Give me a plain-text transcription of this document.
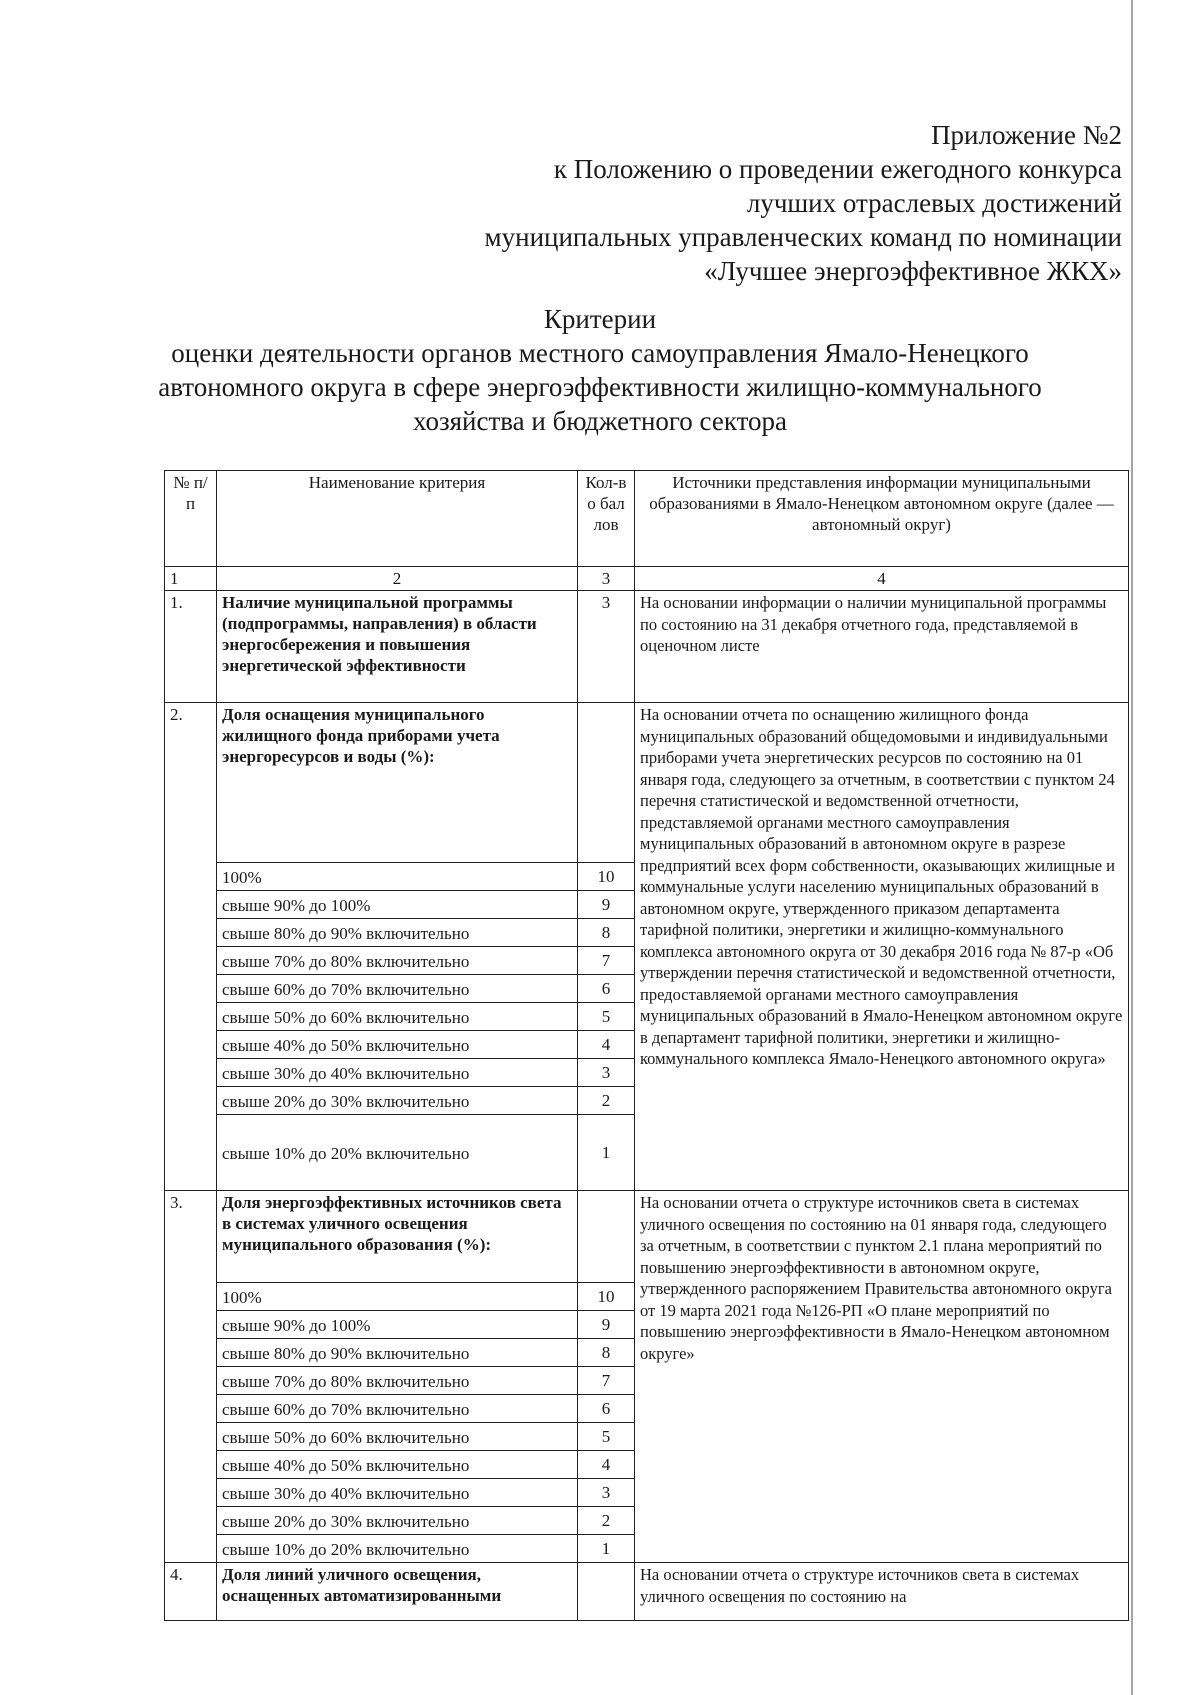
Приложение №2
к Положению о проведении ежегодного конкурса
лучших отраслевых достижений
муниципальных управленческих команд по номинации
«Лучшее энергоэффективное ЖКХ»
Критерии
оценки деятельности органов местного самоуправления Ямало-Ненецкого
автономного округа в сфере энергоэффективности жилищно-коммунального
хозяйства и бюджетного сектора
№ п/п	Наименование критерия	Кол-во баллов	Источники представления информации муниципальными образованиями в Ямало-Ненецком автономном округе (далее — автономный округ)
1	2	3	4
1.	Наличие муниципальной программы (подпрограммы, направления) в области энергосбережения и повышения энергетической эффективности	3	На основании информации о наличии муниципальной программы по состоянию на 31 декабря отчетного года, представляемой в оценочном листе
2.	Доля оснащения муниципального жилищного фонда приборами учета энергоресурсов и воды (%):		На основании отчета по оснащению жилищного фонда муниципальных образований общедомовыми и индивидуальными приборами учета энергетических ресурсов по состоянию на 01 января года, следующего за отчетным, в соответствии с пунктом 24 перечня статистической и ведомственной отчетности, представляемой органами местного самоуправления муниципальных образований в автономном округе в разрезе предприятий всех форм собственности, оказывающих жилищные и коммунальные услуги населению муниципальных образований в автономном округе, утвержденного приказом департамента тарифной политики, энергетики и жилищно-коммунального комплекса автономного округа от 30 декабря 2016 года № 87-р «Об утверждении перечня статистической и ведомственной отчетности, предоставляемой органами местного самоуправления муниципальных образований в Ямало-Ненецком автономном округе в департамент тарифной политики, энергетики и жилищно-коммунального комплекса Ямало-Ненецкого автономного округа»
	100%	10	
	свыше 90% до 100%	9	
	свыше 80% до 90% включительно	8	
	свыше 70% до 80% включительно	7	
	свыше 60% до 70% включительно	6	
	свыше 50% до 60% включительно	5	
	свыше 40% до 50% включительно	4	
	свыше 30% до 40% включительно	3	
	свыше 20% до 30% включительно	2	
	свыше 10% до 20% включительно	1	
3.	Доля энергоэффективных источников света в системах уличного освещения муниципального образования (%):		На основании отчета о структуре источников света в системах уличного освещения по состоянию на 01 января года, следующего за отчетным, в соответствии с пунктом 2.1 плана мероприятий по повышению энергоэффективности в автономном округе, утвержденного распоряжением Правительства автономного округа от 19 марта 2021 года №126-РП «О плане мероприятий по повышению энергоэффективности в Ямало-Ненецком автономном округе»
	100%	10	
	свыше 90% до 100%	9	
	свыше 80% до 90% включительно	8	
	свыше 70% до 80% включительно	7	
	свыше 60% до 70% включительно	6	
	свыше 50% до 60% включительно	5	
	свыше 40% до 50% включительно	4	
	свыше 30% до 40% включительно	3	
	свыше 20% до 30% включительно	2	
	свыше 10% до 20% включительно	1	
4.	Доля линий уличного освещения, оснащенных автоматизированными		На основании отчета о структуре источников света в системах уличного освещения по состоянию на
